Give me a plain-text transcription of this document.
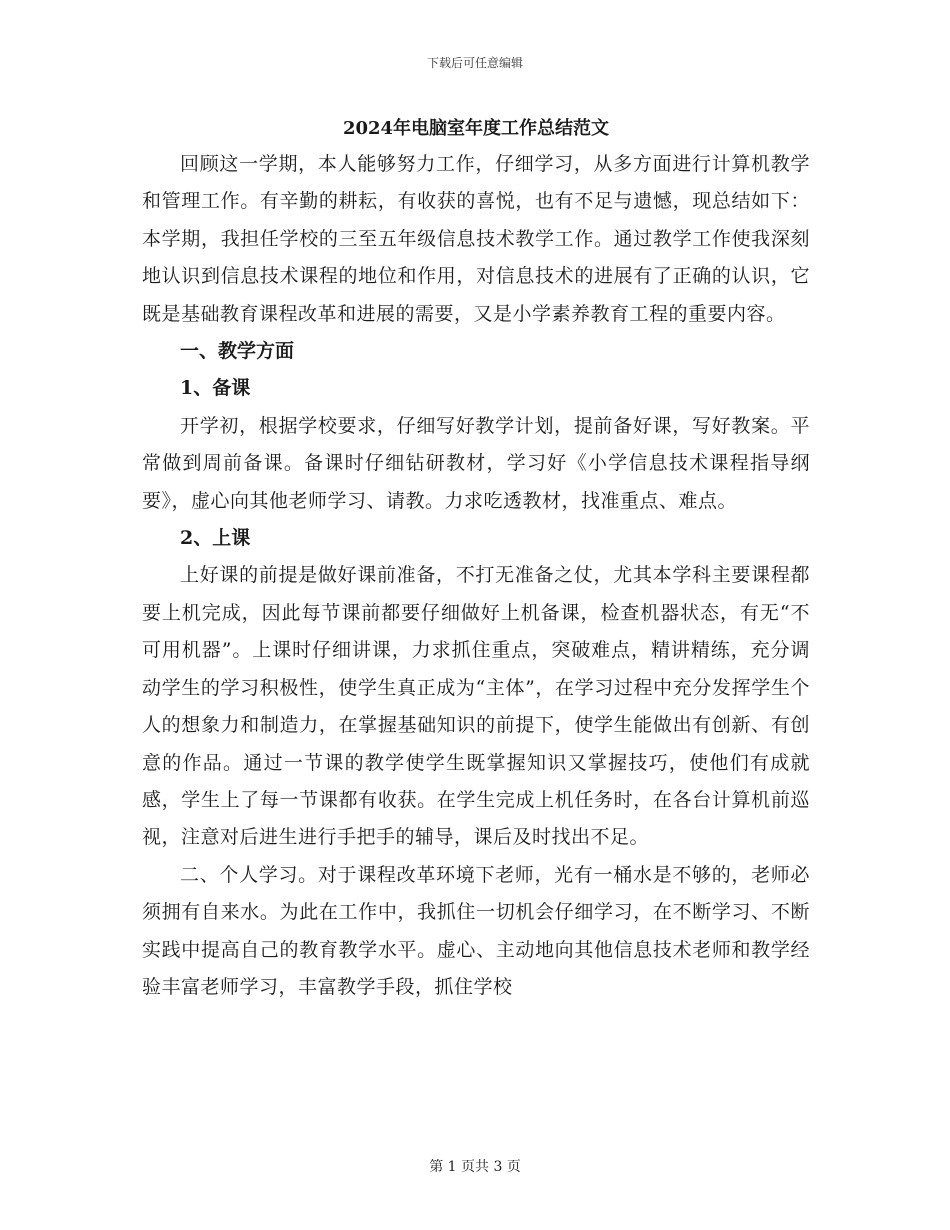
下载后可任意编辑
2024年电脑室年度工作总结范文

回顾这一学期，本人能够努力工作，仔细学习，从多方面进行计算机教学和管理工作。有辛勤的耕耘，有收获的喜悦，也有不足与遗憾，现总结如下：本学期，我担任学校的三至五年级信息技术教学工作。通过教学工作使我深刻地认识到信息技术课程的地位和作用，对信息技术的进展有了正确的认识，它既是基础教育课程改革和进展的需要，又是小学素养教育工程的重要内容。

一、教学方面

1、备课

开学初，根据学校要求，仔细写好教学计划，提前备好课，写好教案。平常做到周前备课。备课时仔细钻研教材，学习好《小学信息技术课程指导纲要》，虚心向其他老师学习、请教。力求吃透教材，找准重点、难点。

2、上课

上好课的前提是做好课前准备，不打无准备之仗，尤其本学科主要课程都要上机完成，因此每节课前都要仔细做好上机备课，检查机器状态，有无“不可用机器”。上课时仔细讲课，力求抓住重点，突破难点，精讲精练，充分调动学生的学习积极性，使学生真正成为“主体”，在学习过程中充分发挥学生个人的想象力和制造力，在掌握基础知识的前提下，使学生能做出有创新、有创意的作品。通过一节课的教学使学生既掌握知识又掌握技巧，使他们有成就感，学生上了每一节课都有收获。在学生完成上机任务时，在各台计算机前巡视，注意对后进生进行手把手的辅导，课后及时找出不足。

二、个人学习。对于课程改革环境下老师，光有一桶水是不够的，老师必须拥有自来水。为此在工作中，我抓住一切机会仔细学习，在不断学习、不断实践中提高自己的教育教学水平。虚心、主动地向其他信息技术老师和教学经验丰富老师学习，丰富教学手段，抓住学校

第 1 页共 3 页
